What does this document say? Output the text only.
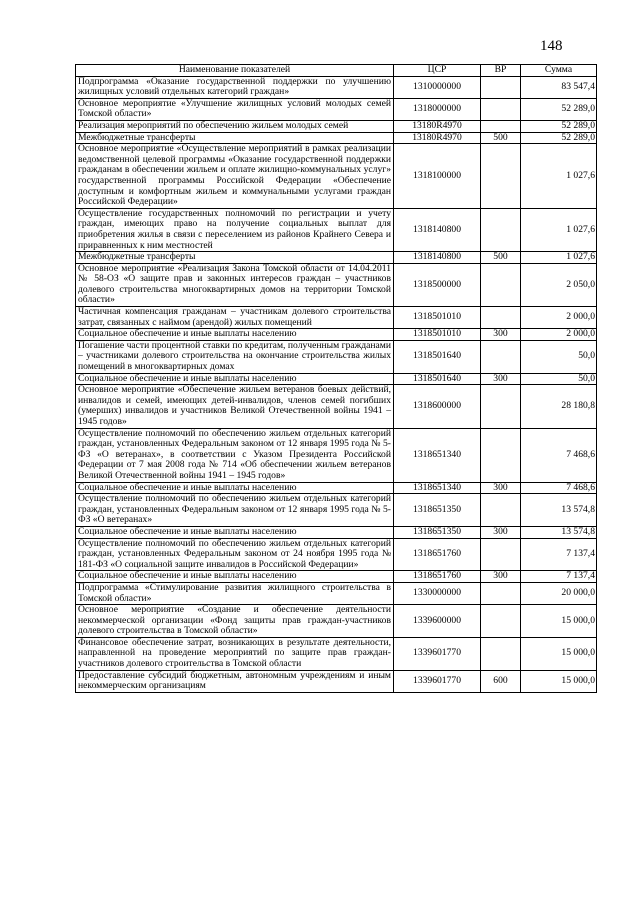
148
Наименование показателей	ЦСР	ВР	Сумма
Подпрограмма «Оказание государственной поддержки по улучшению жилищных условий отдельных категорий граждан»	1310000000		83 547,4
Основное мероприятие «Улучшение жилищных условий молодых семей Томской области»	1318000000		52 289,0
Реализация мероприятий по обеспечению жильем молодых семей	13180R4970		52 289,0
Межбюджетные трансферты	13180R4970	500	52 289,0
Основное мероприятие «Осуществление мероприятий в рамках реализации ведомственной целевой программы «Оказание государственной поддержки гражданам в обеспечении жильем и оплате жилищно-коммунальных услуг» государственной программы Российской Федерации «Обеспечение доступным и комфортным жильем и коммунальными услугами граждан Российской Федерации»	1318100000		1 027,6
Осуществление государственных полномочий по регистрации и учету граждан, имеющих право на получение социальных выплат для приобретения жилья в связи с переселением из районов Крайнего Севера и приравненных к ним местностей	1318140800		1 027,6
Межбюджетные трансферты	1318140800	500	1 027,6
Основное мероприятие «Реализация Закона Томской области от 14.04.2011 № 58-ОЗ «О защите прав и законных интересов граждан – участников долевого строительства многоквартирных домов на территории Томской области»	1318500000		2 050,0
Частичная компенсация гражданам – участникам долевого строительства затрат, связанных с наймом (арендой) жилых помещений	1318501010		2 000,0
Социальное обеспечение и иные выплаты населению	1318501010	300	2 000,0
Погашение части процентной ставки по кредитам, полученным гражданами – участниками долевого строительства на окончание строительства жилых помещений в многоквартирных домах	1318501640		50,0
Социальное обеспечение и иные выплаты населению	1318501640	300	50,0
Основное мероприятие «Обеспечение жильем ветеранов боевых действий, инвалидов и семей, имеющих детей-инвалидов, членов семей погибших (умерших) инвалидов и участников Великой Отечественной войны 1941 – 1945 годов»	1318600000		28 180,8
Осуществление полномочий по обеспечению жильем отдельных категорий граждан, установленных Федеральным законом от 12 января 1995 года № 5-ФЗ «О ветеранах», в соответствии с Указом Президента Российской Федерации от 7 мая 2008 года № 714 «Об обеспечении жильем ветеранов Великой Отечественной войны 1941 – 1945 годов»	1318651340		7 468,6
Социальное обеспечение и иные выплаты населению	1318651340	300	7 468,6
Осуществление полномочий по обеспечению жильем отдельных категорий граждан, установленных Федеральным законом от 12 января 1995 года № 5-ФЗ «О ветеранах»	1318651350		13 574,8
Социальное обеспечение и иные выплаты населению	1318651350	300	13 574,8
Осуществление полномочий по обеспечению жильем отдельных категорий граждан, установленных Федеральным законом от 24 ноября 1995 года № 181-ФЗ «О социальной защите инвалидов в Российской Федерации»	1318651760		7 137,4
Социальное обеспечение и иные выплаты населению	1318651760	300	7 137,4
Подпрограмма «Стимулирование развития жилищного строительства в Томской области»	1330000000		20 000,0
Основное мероприятие «Создание и обеспечение деятельности некоммерческой организации «Фонд защиты прав граждан-участников долевого строительства в Томской области»	1339600000		15 000,0
Финансовое обеспечение затрат, возникающих в результате деятельности, направленной на проведение мероприятий по защите прав граждан-участников долевого строительства в Томской области	1339601770		15 000,0
Предоставление субсидий бюджетным, автономным учреждениям и иным некоммерческим организациям	1339601770	600	15 000,0
